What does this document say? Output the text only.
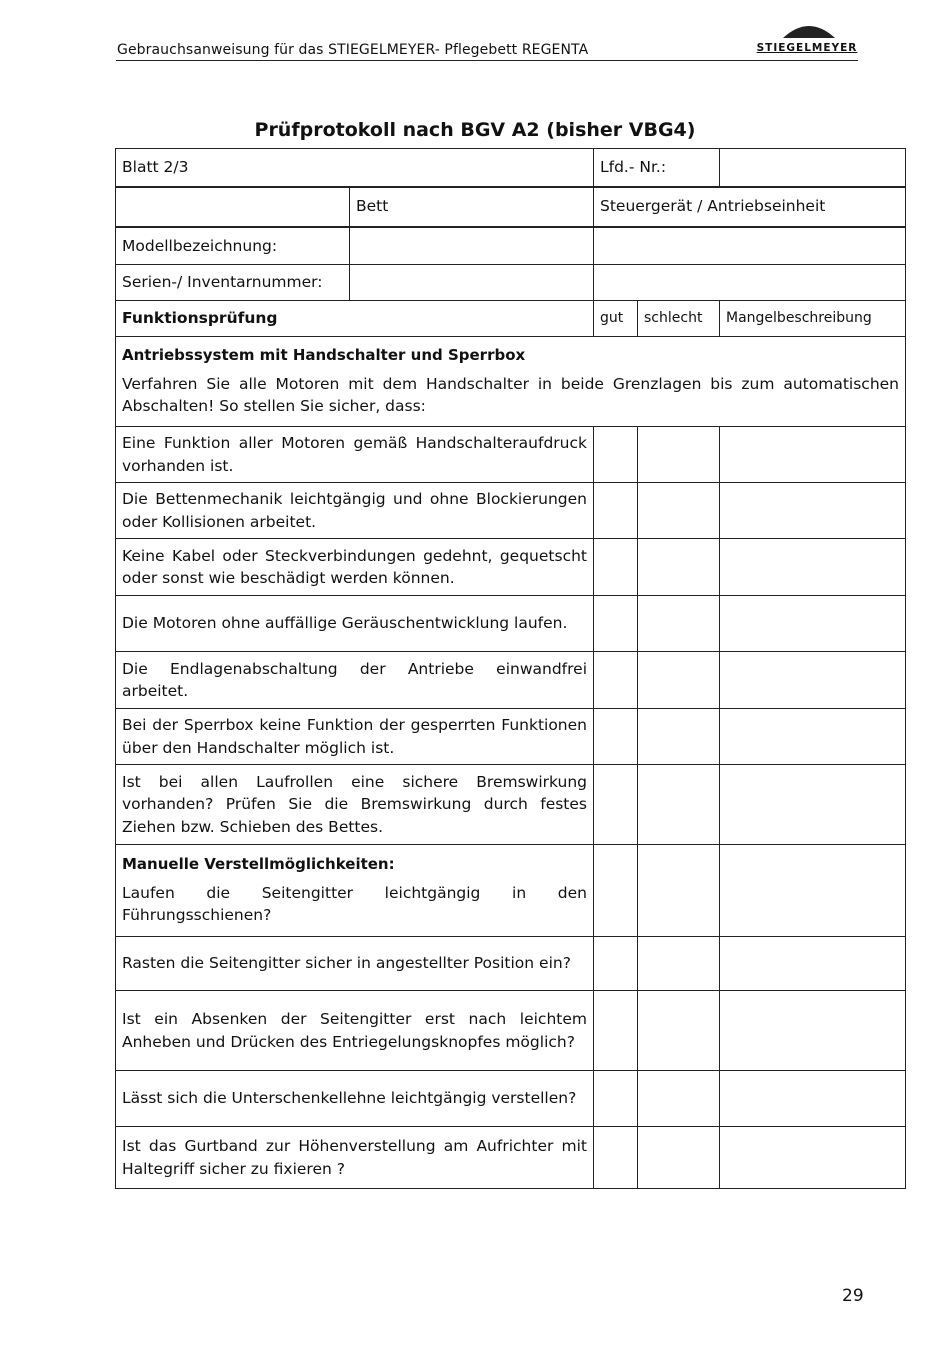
Gebrauchsanweisung für das STIEGELMEYER- Pflegebett REGENTA	STIEGELMEYER
Prüfprotokoll nach BGV A2 (bisher VBG4)
Blatt 2/3		Lfd.- Nr.:		
	Bett	Steuergerät / Antriebseinheit		
Modellbezeichnung:				
Serien-/ Inventarnummer:				
Funktionsprüfung		gut	schlecht	Mangelbeschreibung

Antriebssystem mit Handschalter und Sperrbox
Verfahren Sie alle Motoren mit dem Handschalter in beide Grenzlagen bis zum automatischen Abschalten! So stellen Sie sicher, dass:				

Eine Funktion aller Motoren gemäß Handschalteraufdruck vorhanden ist.				
Die Bettenmechanik leichtgängig und ohne Blockierungen oder Kollisionen arbeitet.				
Keine Kabel oder Steckverbindungen gedehnt, gequetscht oder sonst wie beschädigt werden können.				
Die Motoren ohne auffällige Geräuschentwicklung laufen.				
Die Endlagenabschaltung der Antriebe einwandfrei arbeitet.				
Bei der Sperrbox keine Funktion der gesperrten Funktionen über den Handschalter möglich ist.				
Ist bei allen Laufrollen eine sichere Bremswirkung vorhanden? Prüfen Sie die Bremswirkung durch festes Ziehen bzw. Schieben des Bettes.				

Manuelle Verstellmöglichkeiten:
Laufen die Seitengitter leichtgängig in den Führungsschienen?				

Rasten die Seitengitter sicher in angestellter Position ein?				
Ist ein Absenken der Seitengitter erst nach leichtem Anheben und Drücken des Entriegelungsknopfes möglich?				
Lässt sich die Unterschenkellehne leichtgängig verstellen?				
Ist das Gurtband zur Höhenverstellung am Aufrichter mit Haltegriff sicher zu fixieren ?				
29
